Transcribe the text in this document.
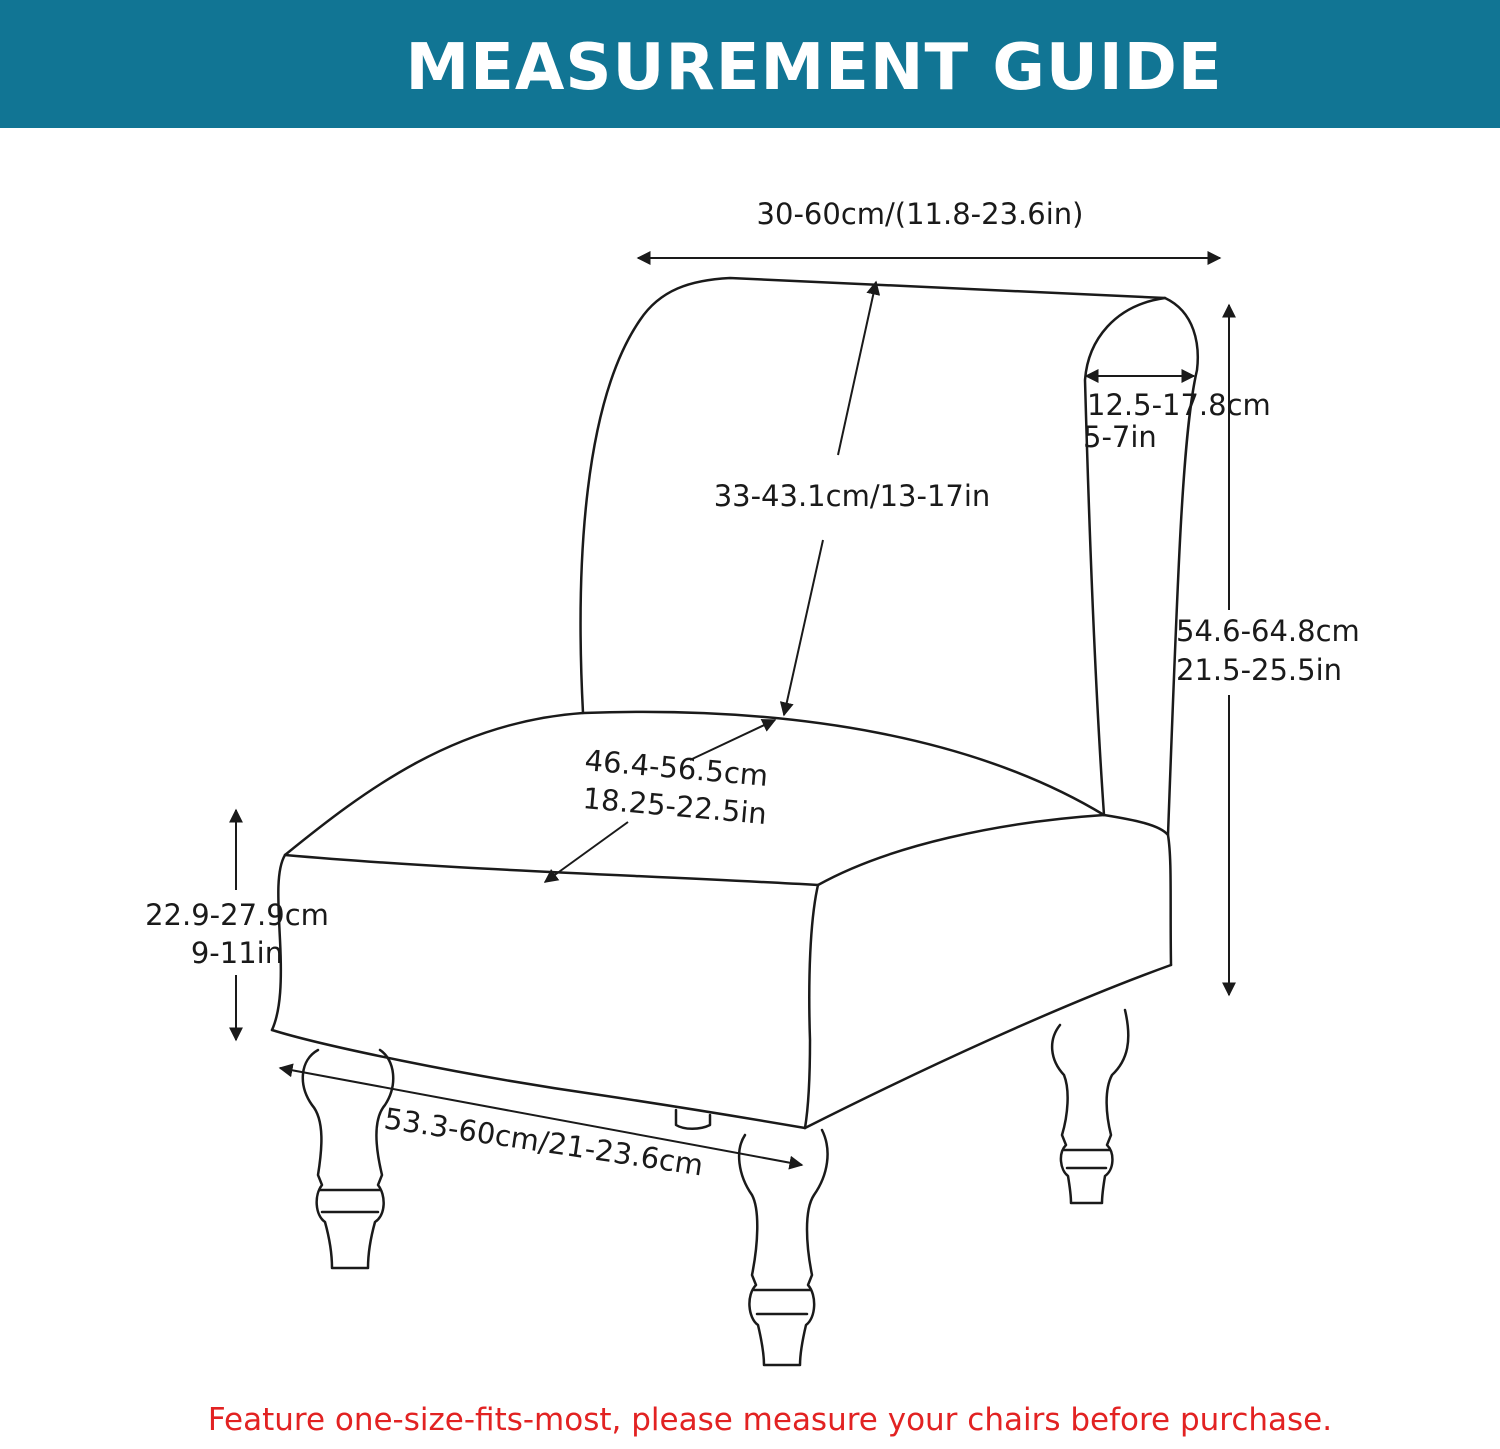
MEASUREMENT GUIDE
30-60cm/(11.8-23.6in)
33-43.1cm/13-17in
12.5-17.8cm
5-7in
54.6-64.8cm
21.5-25.5in
46.4-56.5cm
18.25-22.5in
22.9-27.9cm
9-11in
53.3-60cm/21-23.6cm
Feature one-size-fits-most, please measure your chairs before purchase.
